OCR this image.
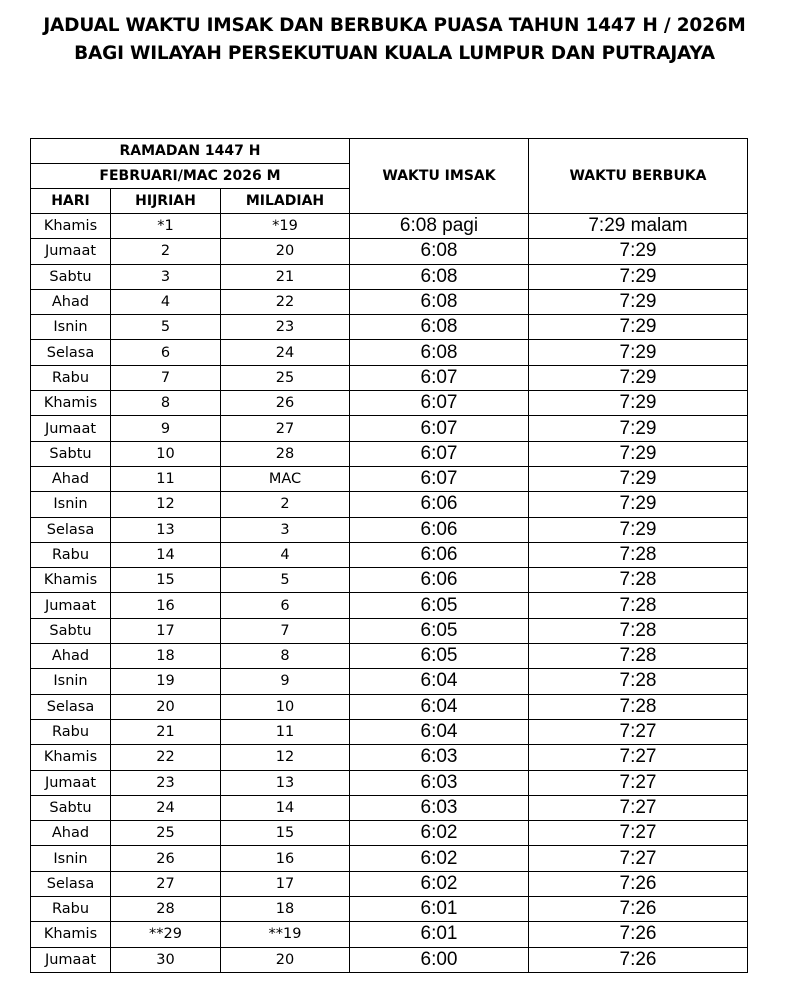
JADUAL WAKTU IMSAK DAN BERBUKA PUASA TAHUN 1447 H / 2026M
BAGI WILAYAH PERSEKUTUAN KUALA LUMPUR DAN PUTRAJAYA
RAMADAN 1447 H			WAKTU IMSAK	WAKTU BERBUKA
FEBRUARI/MAC 2026 M				
HARI	HIJRIAH	MILADIAH		
Khamis	*1	*19	6:08 pagi	7:29 malam
Jumaat	2	20	6:08	7:29
Sabtu	3	21	6:08	7:29
Ahad	4	22	6:08	7:29
Isnin	5	23	6:08	7:29
Selasa	6	24	6:08	7:29
Rabu	7	25	6:07	7:29
Khamis	8	26	6:07	7:29
Jumaat	9	27	6:07	7:29
Sabtu	10	28	6:07	7:29
Ahad	11	MAC	6:07	7:29
Isnin	12	2	6:06	7:29
Selasa	13	3	6:06	7:29
Rabu	14	4	6:06	7:28
Khamis	15	5	6:06	7:28
Jumaat	16	6	6:05	7:28
Sabtu	17	7	6:05	7:28
Ahad	18	8	6:05	7:28
Isnin	19	9	6:04	7:28
Selasa	20	10	6:04	7:28
Rabu	21	11	6:04	7:27
Khamis	22	12	6:03	7:27
Jumaat	23	13	6:03	7:27
Sabtu	24	14	6:03	7:27
Ahad	25	15	6:02	7:27
Isnin	26	16	6:02	7:27
Selasa	27	17	6:02	7:26
Rabu	28	18	6:01	7:26
Khamis	**29	**19	6:01	7:26
Jumaat	30	20	6:00	7:26
